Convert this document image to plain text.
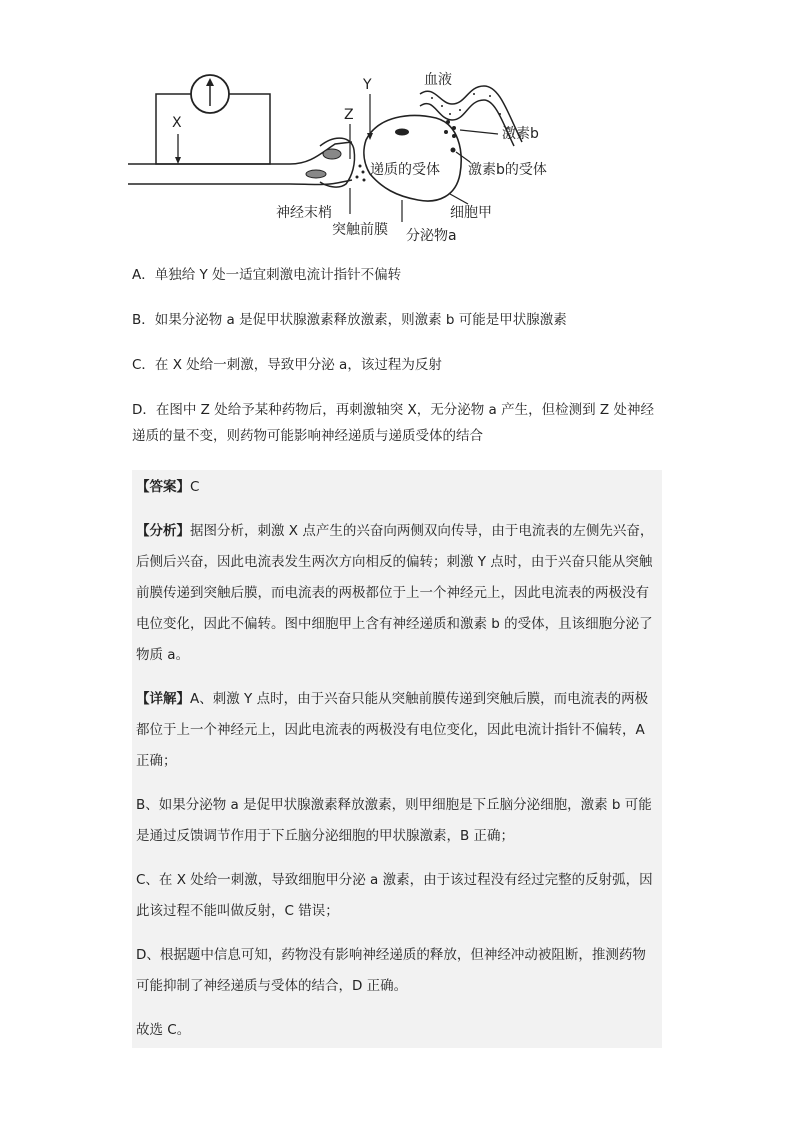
X	Z
Y	血液
激素b
激素b的受体
递质的受体
细胞甲
神经末梢
突触前膜 分泌物a
A．单独给 Y 处一适宜刺激电流计指针不偏转
B．如果分泌物 a 是促甲状腺激素释放激素，则激素 b 可能是甲状腺激素
C．在 X 处给一刺激，导致甲分泌 a，该过程为反射
D．在图中 Z 处给予某种药物后，再刺激轴突 X，无分泌物 a 产生，但检测到 Z 处神经
递质的量不变，则药物可能影响神经递质与递质受体的结合
【答案】C
【分析】据图分析，刺激 X 点产生的兴奋向两侧双向传导，由于电流表的左侧先兴奋，后侧后兴奋，因此电流表发生两次方向相反的偏转；刺激 Y 点时，由于兴奋只能从突触前膜传递到突触后膜，而电流表的两极都位于上一个神经元上，因此电流表的两极没有电位变化，因此不偏转。图中细胞甲上含有神经递质和激素 b 的受体，且该细胞分泌了物质 a。
【详解】A、刺激 Y 点时，由于兴奋只能从突触前膜传递到突触后膜，而电流表的两极都位于上一个神经元上，因此电流表的两极没有电位变化，因此电流计指针不偏转，A 正确；
B、如果分泌物 a 是促甲状腺激素释放激素，则甲细胞是下丘脑分泌细胞，激素 b 可能是通过反馈调节作用于下丘脑分泌细胞的甲状腺激素，B 正确；
C、在 X 处给一刺激，导致细胞甲分泌 a 激素，由于该过程没有经过完整的反射弧，因此该过程不能叫做反射，C 错误；
D、根据题中信息可知，药物没有影响神经递质的释放，但神经冲动被阻断，推测药物可能抑制了神经递质与受体的结合，D 正确。
故选 C。
